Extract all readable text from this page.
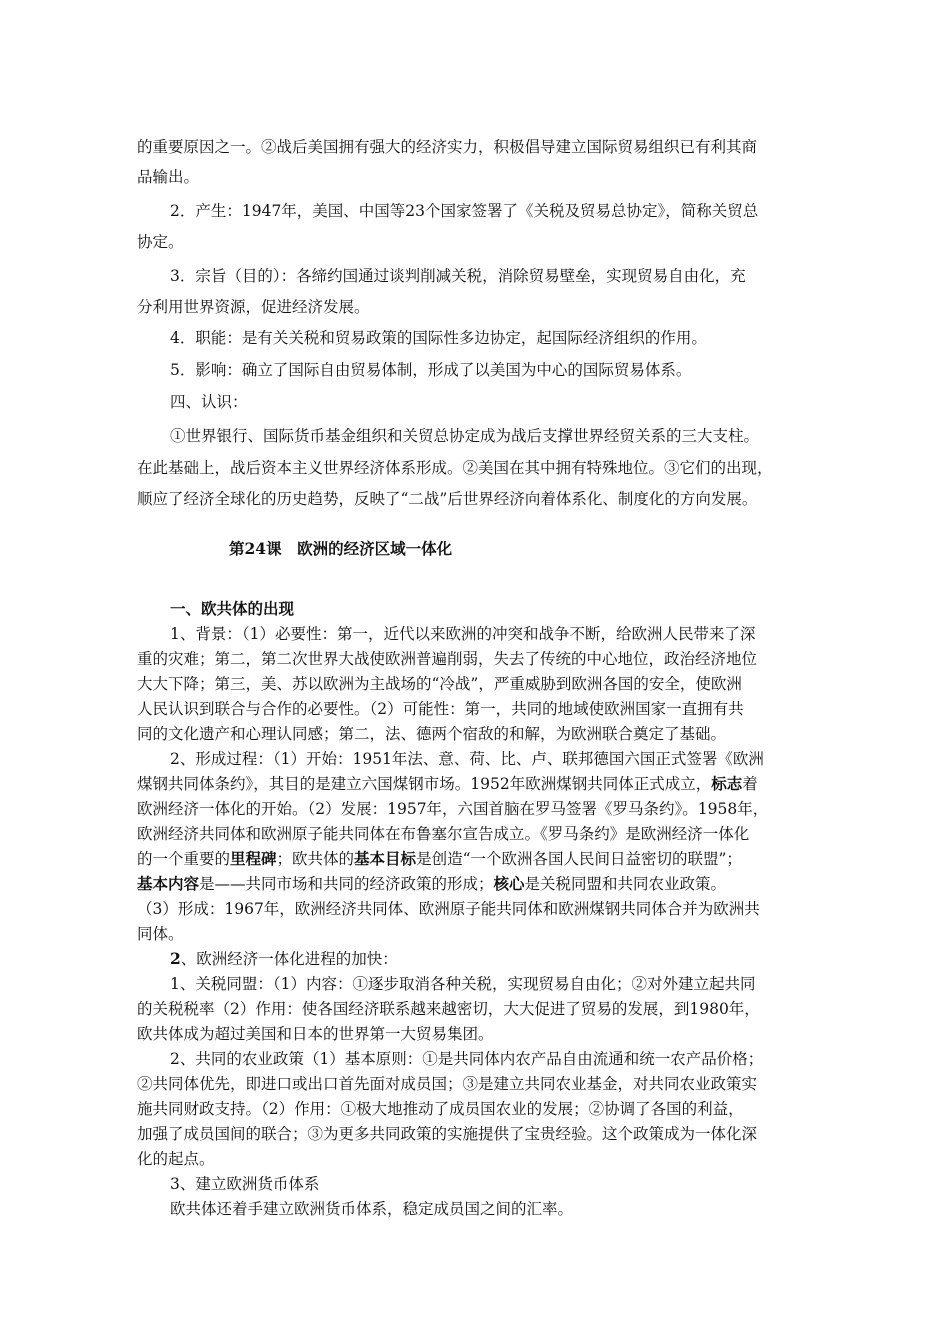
的重要原因之一。②战后美国拥有强大的经济实力，积极倡导建立国际贸易组织已有利其商

品输出。

2．产生：1947年，美国、中国等23个国家签署了《关税及贸易总协定》，简称关贸总

协定。

3．宗旨（目的）：各缔约国通过谈判削减关税，消除贸易壁垒，实现贸易自由化，充

分利用世界资源，促进经济发展。

4．职能：是有关关税和贸易政策的国际性多边协定，起国际经济组织的作用。

5．影响：确立了国际自由贸易体制，形成了以美国为中心的国际贸易体系。

四、认识：

①世界银行、国际货币基金组织和关贸总协定成为战后支撑世界经贸关系的三大支柱。

在此基础上，战后资本主义世界经济体系形成。②美国在其中拥有特殊地位。③它们的出现，

顺应了经济全球化的历史趋势，反映了“二战”后世界经济向着体系化、制度化的方向发展。

第24课　欧洲的经济区域一体化

一、欧共体的出现

1、背景：（1）必要性：第一，近代以来欧洲的冲突和战争不断，给欧洲人民带来了深

重的灾难；第二，第二次世界大战使欧洲普遍削弱，失去了传统的中心地位，政治经济地位

大大下降；第三，美、苏以欧洲为主战场的“冷战”，严重威胁到欧洲各国的安全，使欧洲

人民认识到联合与合作的必要性。（2）可能性：第一，共同的地域使欧洲国家一直拥有共

同的文化遗产和心理认同感；第二，法、德两个宿敌的和解，为欧洲联合奠定了基础。

2、形成过程：（1）开始：1951年法、意、荷、比、卢、联邦德国六国正式签署《欧洲

煤钢共同体条约》，其目的是建立六国煤钢市场。1952年欧洲煤钢共同体正式成立，标志着

欧洲经济一体化的开始。（2）发展：1957年，六国首脑在罗马签署《罗马条约》。1958年，

欧洲经济共同体和欧洲原子能共同体在布鲁塞尔宣告成立。《罗马条约》是欧洲经济一体化

的一个重要的里程碑；欧共体的基本目标是创造“一个欧洲各国人民间日益密切的联盟”；

基本内容是——共同市场和共同的经济政策的形成；核心是关税同盟和共同农业政策。

（3）形成：1967年，欧洲经济共同体、欧洲原子能共同体和欧洲煤钢共同体合并为欧洲共

同体。

2、欧洲经济一体化进程的加快：

1、关税同盟：（1）内容：①逐步取消各种关税，实现贸易自由化；②对外建立起共同

的关税税率（2）作用：使各国经济联系越来越密切，大大促进了贸易的发展，到1980年，

欧共体成为超过美国和日本的世界第一大贸易集团。

2、共同的农业政策（1）基本原则：①是共同体内农产品自由流通和统一农产品价格；

②共同体优先，即进口或出口首先面对成员国；③是建立共同农业基金，对共同农业政策实

施共同财政支持。（2）作用：①极大地推动了成员国农业的发展；②协调了各国的利益，

加强了成员国间的联合；③为更多共同政策的实施提供了宝贵经验。这个政策成为一体化深

化的起点。

3、建立欧洲货币体系

欧共体还着手建立欧洲货币体系，稳定成员国之间的汇率。
